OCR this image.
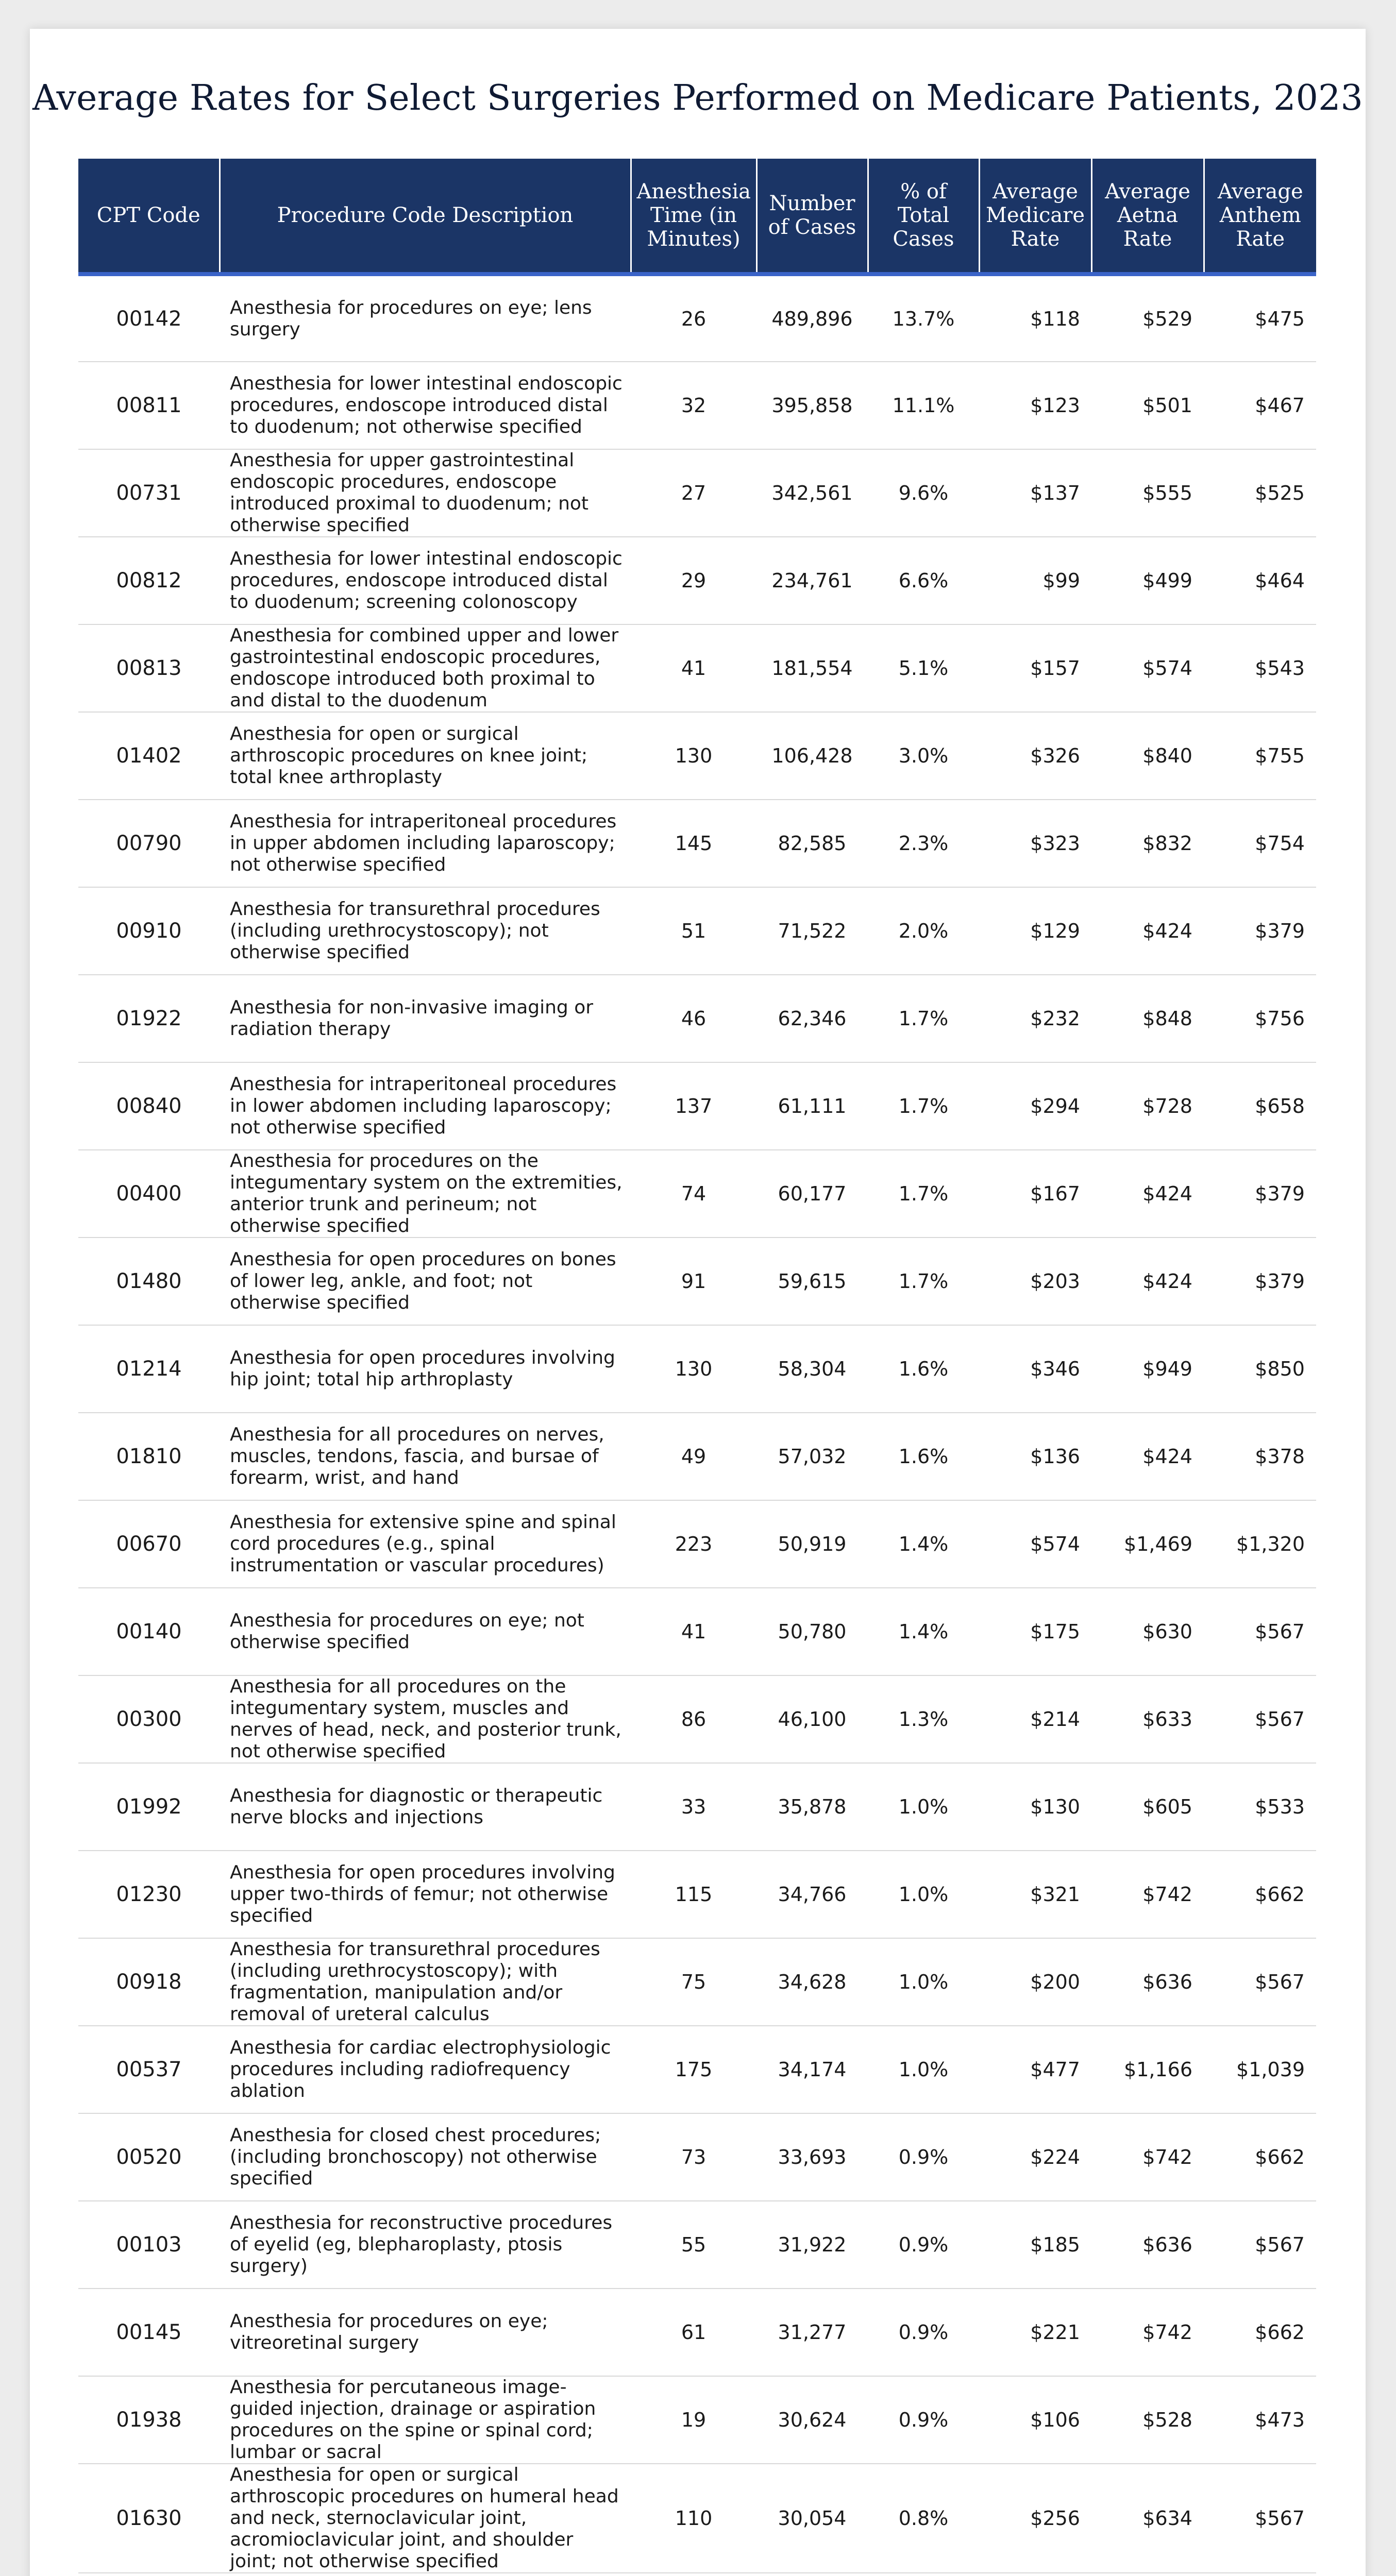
Average Rates for Select Surgeries Performed on Medicare Patients, 2023
CPT Code	Procedure Code Description	Anesthesia Time (in Minutes)	Number of Cases	% of Total Cases	Average Medicare Rate	Average Aetna Rate	Average Anthem Rate
00142	Anesthesia for procedures on eye; lens surgery	26	489,896	13.7%	$118	$529	$475
00811	Anesthesia for lower intestinal endoscopic procedures, endoscope introduced distal to duodenum; not otherwise specified	32	395,858	11.1%	$123	$501	$467
00731	Anesthesia for upper gastrointestinal endoscopic procedures, endoscope introduced proximal to duodenum; not otherwise specified	27	342,561	9.6%	$137	$555	$525
00812	Anesthesia for lower intestinal endoscopic procedures, endoscope introduced distal to duodenum; screening colonoscopy	29	234,761	6.6%	$99	$499	$464
00813	Anesthesia for combined upper and lower gastrointestinal endoscopic procedures, endoscope introduced both proximal to and distal to the duodenum	41	181,554	5.1%	$157	$574	$543
01402	Anesthesia for open or surgical arthroscopic procedures on knee joint; total knee arthroplasty	130	106,428	3.0%	$326	$840	$755
00790	Anesthesia for intraperitoneal procedures in upper abdomen including laparoscopy; not otherwise specified	145	82,585	2.3%	$323	$832	$754
00910	Anesthesia for transurethral procedures (including urethrocystoscopy); not otherwise specified	51	71,522	2.0%	$129	$424	$379
01922	Anesthesia for non-invasive imaging or radiation therapy	46	62,346	1.7%	$232	$848	$756
00840	Anesthesia for intraperitoneal procedures in lower abdomen including laparoscopy; not otherwise specified	137	61,111	1.7%	$294	$728	$658
00400	Anesthesia for procedures on the integumentary system on the extremities, anterior trunk and perineum; not otherwise specified	74	60,177	1.7%	$167	$424	$379
01480	Anesthesia for open procedures on bones of lower leg, ankle, and foot; not otherwise specified	91	59,615	1.7%	$203	$424	$379
01214	Anesthesia for open procedures involving hip joint; total hip arthroplasty	130	58,304	1.6%	$346	$949	$850
01810	Anesthesia for all procedures on nerves, muscles, tendons, fascia, and bursae of forearm, wrist, and hand	49	57,032	1.6%	$136	$424	$378
00670	Anesthesia for extensive spine and spinal cord procedures (e.g., spinal instrumentation or vascular procedures)	223	50,919	1.4%	$574	$1,469	$1,320
00140	Anesthesia for procedures on eye; not otherwise specified	41	50,780	1.4%	$175	$630	$567
00300	Anesthesia for all procedures on the integumentary system, muscles and nerves of head, neck, and posterior trunk, not otherwise specified	86	46,100	1.3%	$214	$633	$567
01992	Anesthesia for diagnostic or therapeutic nerve blocks and injections	33	35,878	1.0%	$130	$605	$533
01230	Anesthesia for open procedures involving upper two-thirds of femur; not otherwise specified	115	34,766	1.0%	$321	$742	$662
00918	Anesthesia for transurethral procedures (including urethrocystoscopy); with fragmentation, manipulation and/or removal of ureteral calculus	75	34,628	1.0%	$200	$636	$567
00537	Anesthesia for cardiac electrophysiologic procedures including radiofrequency ablation	175	34,174	1.0%	$477	$1,166	$1,039
00520	Anesthesia for closed chest procedures; (including bronchoscopy) not otherwise specified	73	33,693	0.9%	$224	$742	$662
00103	Anesthesia for reconstructive procedures of eyelid (eg, blepharoplasty, ptosis surgery)	55	31,922	0.9%	$185	$636	$567
00145	Anesthesia for procedures on eye; vitreoretinal surgery	61	31,277	0.9%	$221	$742	$662
01938	Anesthesia for percutaneous image-guided injection, drainage or aspiration procedures on the spine or spinal cord; lumbar or sacral	19	30,624	0.9%	$106	$528	$473
01630	Anesthesia for open or surgical arthroscopic procedures on humeral head and neck, sternoclavicular joint, acromioclavicular joint, and shoulder joint; not otherwise specified	110	30,054	0.8%	$256	$634	$567
